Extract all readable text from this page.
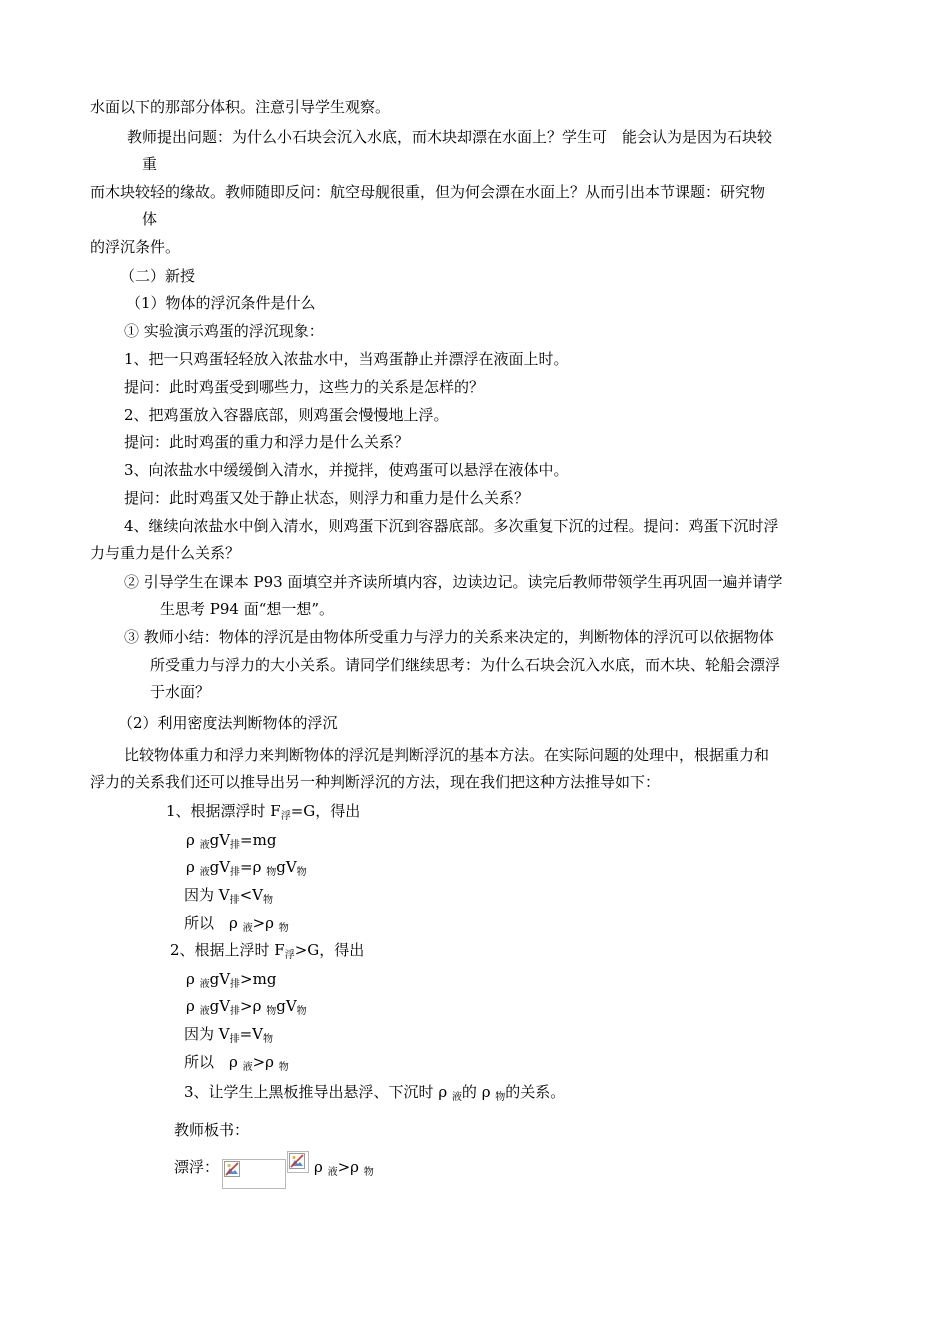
水面以下的那部分体积。注意引导学生观察。
教师提出问题：为什么小石块会沉入水底，而木块却漂在水面上？学生可　能会认为是因为石块较
重
而木块较轻的缘故。教师随即反问：航空母舰很重，但为何会漂在水面上？从而引出本节课题：研究物
体
的浮沉条件。
（二）新授
（1）物体的浮沉条件是什么
① 实验演示鸡蛋的浮沉现象：
1、把一只鸡蛋轻轻放入浓盐水中，当鸡蛋静止并漂浮在液面上时。
提问：此时鸡蛋受到哪些力，这些力的关系是怎样的？
2、把鸡蛋放入容器底部，则鸡蛋会慢慢地上浮。
提问：此时鸡蛋的重力和浮力是什么关系？
3、向浓盐水中缓缓倒入清水，并搅拌，使鸡蛋可以悬浮在液体中。
提问：此时鸡蛋又处于静止状态，则浮力和重力是什么关系？
4、继续向浓盐水中倒入清水，则鸡蛋下沉到容器底部。多次重复下沉的过程。提问：鸡蛋下沉时浮
力与重力是什么关系？
② 引导学生在课本 P93 面填空并齐读所填内容，边读边记。读完后教师带领学生再巩固一遍并请学
生思考 P94 面“想一想”。
③ 教师小结：物体的浮沉是由物体所受重力与浮力的关系来决定的，判断物体的浮沉可以依据物体
所受重力与浮力的大小关系。请同学们继续思考：为什么石块会沉入水底，而木块、轮船会漂浮
于水面？
（2）利用密度法判断物体的浮沉
比较物体重力和浮力来判断物体的浮沉是判断浮沉的基本方法。在实际问题的处理中，根据重力和
浮力的关系我们还可以推导出另一种判断浮沉的方法，现在我们把这种方法推导如下：
1、根据漂浮时 $F_浮=G$，得出
ρ $_液gV_排=mg$
ρ $_液gV_排=\rho$ $_物gV_物$
因为 $V_排<V_物$
所以　ρ $_液$>ρ $_物$
2、根据上浮时 $F_浮>G$，得出
ρ $_液gV_排>mg$
ρ $_液gV_排>\rho$ $_物gV_物$
因为 $V_排=V_物$
所以　ρ $_液$>ρ $_物$
3、让学生上黑板推导出悬浮、下沉时 ρ $_液$的 ρ $_物$的关系。
教师板书：
漂浮：	ρ $_液$>ρ $_物$
